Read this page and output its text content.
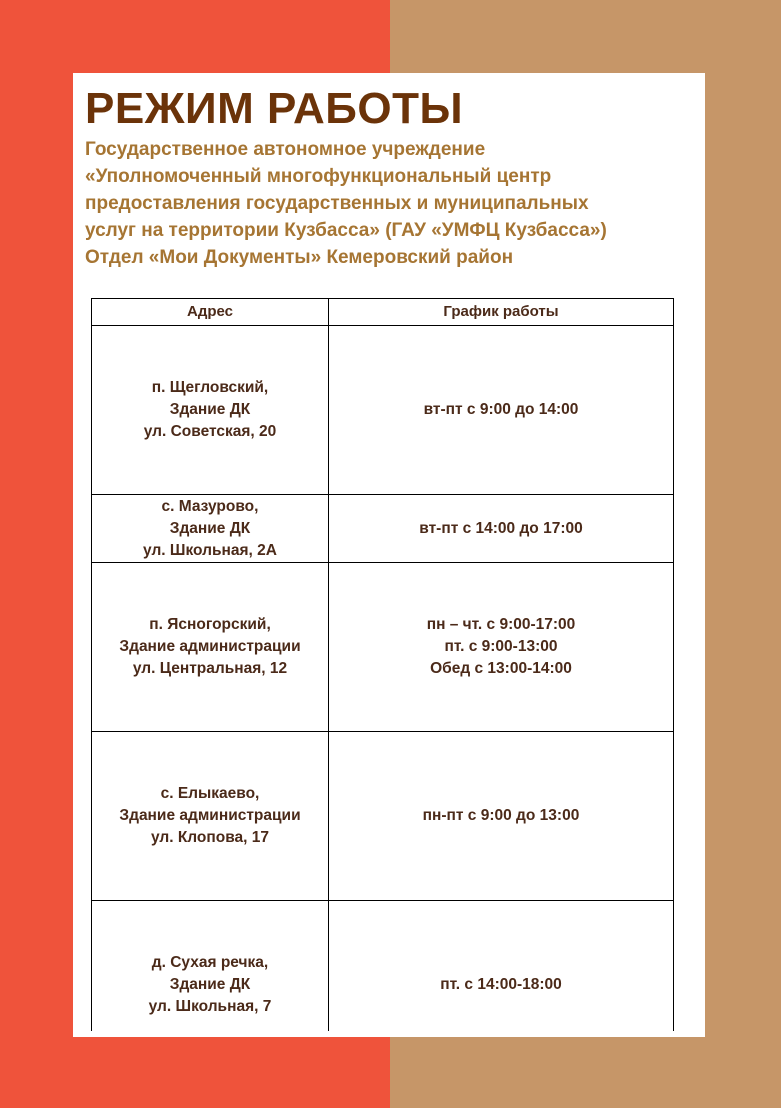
РЕЖИМ РАБОТЫ
Государственное автономное учреждение
«Уполномоченный многофункциональный центр
предоставления государственных и муниципальных
услуг на территории Кузбасса» (ГАУ «УМФЦ Кузбасса»)
Отдел «Мои Документы» Кемеровский район
Адрес	График работы

п. Щегловский,
Здание ДК
ул. Советская, 20	вт-пт с 9:00 до 14:00

с. Мазурово,
Здание ДК
ул. Школьная, 2А	вт-пт с 14:00 до 17:00

п. Ясногорский,
Здание администрации
ул. Центральная, 12	пн – чт. с 9:00-17:00
пт. с 9:00-13:00
Обед с 13:00-14:00

с. Елыкаево,
Здание администрации
ул. Клопова, 17	пн-пт с 9:00 до 13:00

д. Сухая речка,
Здание ДК
ул. Школьная, 7	пт. с 14:00-18:00
